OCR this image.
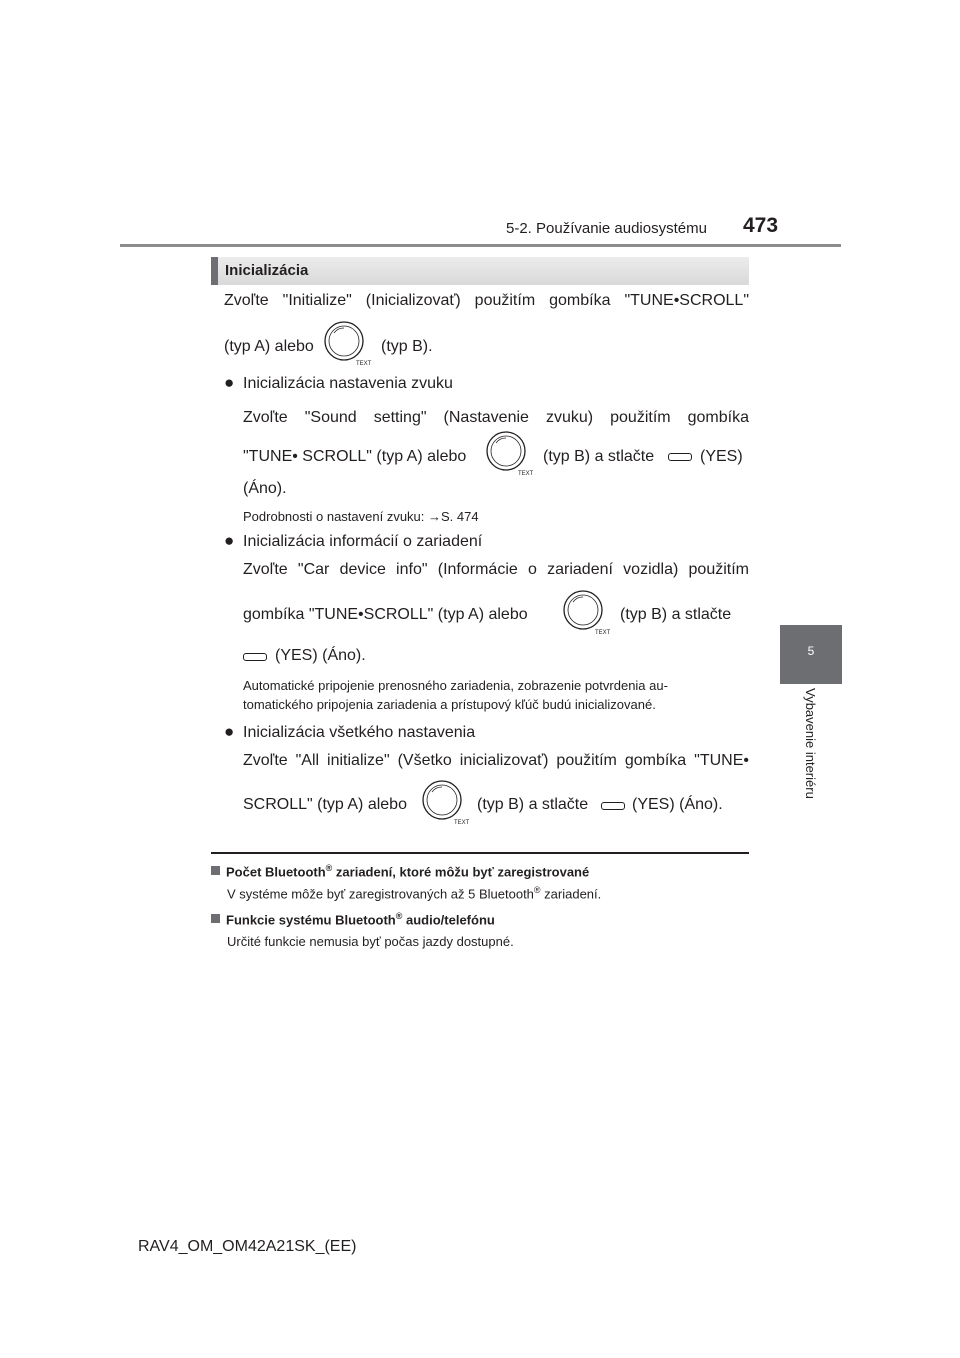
5-2. Používanie audiosystému 473
5
Vybavenie interiéru
Inicializácia
Zvoľte "Initialize" (Inicializovať) použitím gombíka "TUNE•SCROLL"
(typ A) alebo
TEXT
(typ B).
● Inicializácia nastavenia zvuku
Zvoľte "Sound setting" (Nastavenie zvuku) použitím gombíka
"TUNE• SCROLL" (typ A) alebo
TEXT
(typ B) a stlačte	(YES)
(Áno).
Podrobnosti o nastavení zvuku: →S. 474
● Inicializácia informácií o zariadení
Zvoľte "Car device info" (Informácie o zariadení vozidla) použitím
gombíka "TUNE•SCROLL" (typ A) alebo
TEXT
(typ B) a stlačte
(YES) (Áno).
Automatické pripojenie prenosného zariadenia, zobrazenie potvrdenia au-
tomatického pripojenia zariadenia a prístupový kľúč budú inicializované.
● Inicializácia všetkého nastavenia
Zvoľte "All initialize" (Všetko inicializovať) použitím gombíka "TUNE•
SCROLL" (typ A) alebo
TEXT
(typ B) a stlačte	(YES) (Áno).
Počet Bluetooth® zariadení, ktoré môžu byť zaregistrované
V systéme môže byť zaregistrovaných až 5 Bluetooth® zariadení.
Funkcie systému Bluetooth® audio/telefónu
Určité funkcie nemusia byť počas jazdy dostupné.
RAV4_OM_OM42A21SK_(EE)
